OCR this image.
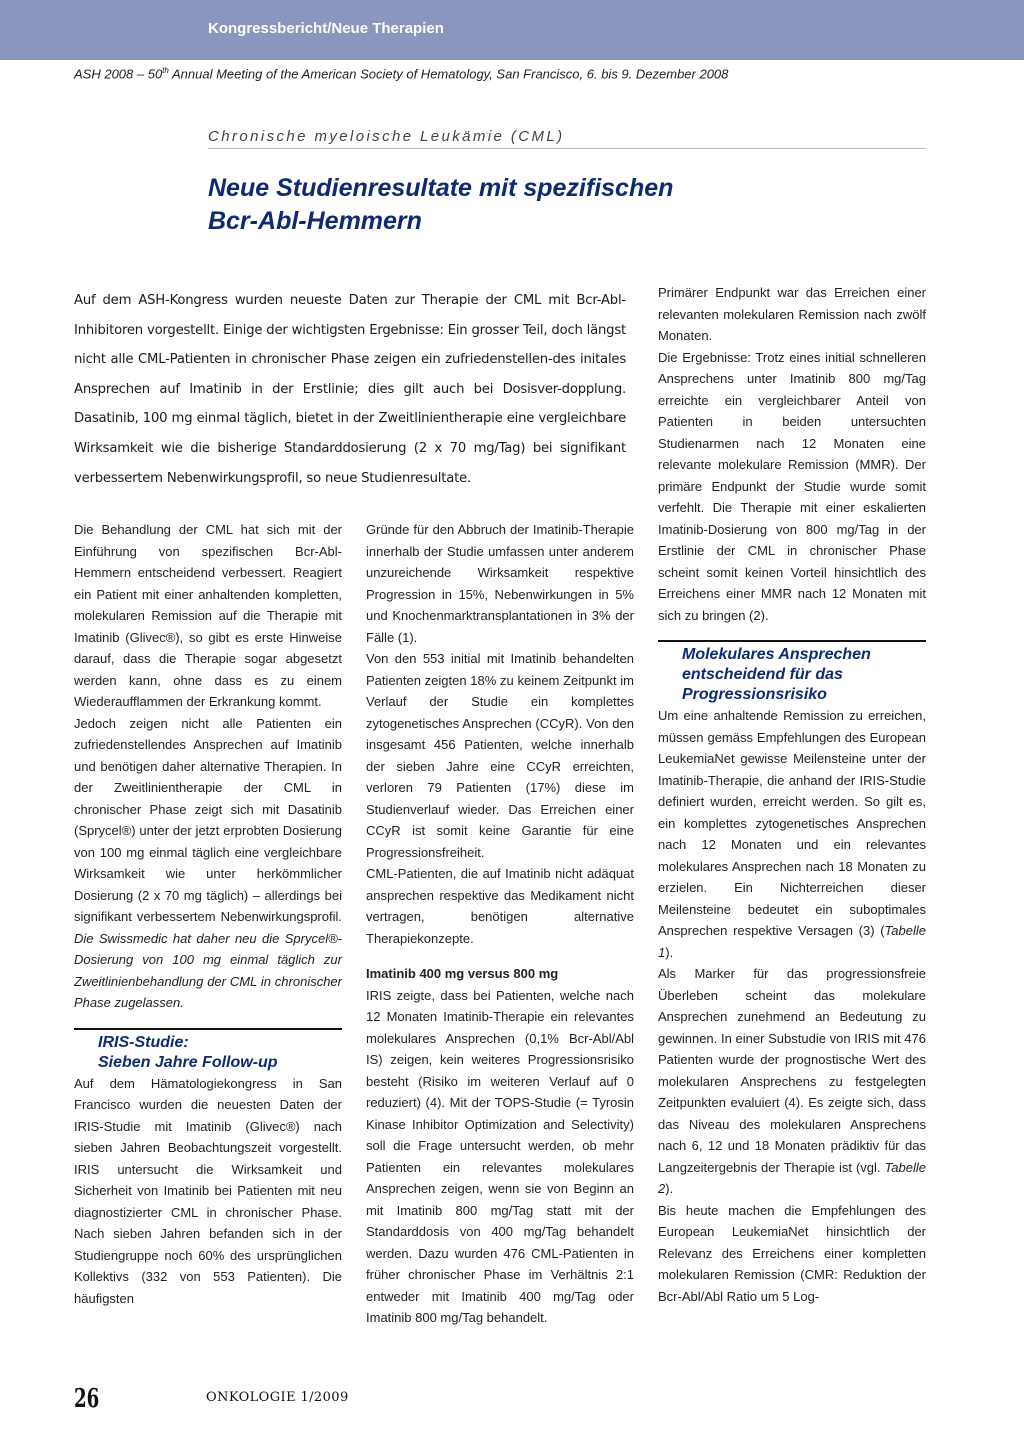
Kongressbericht/Neue Therapien
ASH 2008 – 50th Annual Meeting of the American Society of Hematology, San Francisco, 6. bis 9. Dezember 2008
Chronische myeloische Leukämie (CML)
Neue Studienresultate mit spezifischen
Bcr-Abl-Hemmern

Auf dem ASH-Kongress wurden neueste Daten zur Therapie der CML mit Bcr-Abl-Inhibitoren vorgestellt. Einige der wichtigsten Ergebnisse: Ein grosser Teil, doch längst nicht alle CML-Patienten in chronischer Phase zeigen ein zufriedenstellen-des initales Ansprechen auf Imatinib in der Erstlinie; dies gilt auch bei Dosisver-dopplung. Dasatinib, 100 mg einmal täglich, bietet in der Zweitlinientherapie eine vergleichbare Wirksamkeit wie die bisherige Standarddosierung (2 x 70 mg/Tag) bei signifikant verbessertem Nebenwirkungsprofil, so neue Studienresultate.

Die Behandlung der CML hat sich mit der Einführung von spezifischen Bcr-Abl-Hemmern entscheidend verbessert. Reagiert ein Patient mit einer anhaltenden kompletten, molekularen Remission auf die Therapie mit Imatinib (Glivec®), so gibt es erste Hinweise darauf, dass die Therapie sogar abgesetzt werden kann, ohne dass es zu einem Wiederaufflammen der Erkrankung kommt.

Jedoch zeigen nicht alle Patienten ein zufriedenstellendes Ansprechen auf Imatinib und benötigen daher alternative Therapien. In der Zweitlinientherapie der CML in chronischer Phase zeigt sich mit Dasatinib (Sprycel®) unter der jetzt erprobten Dosierung von 100 mg einmal täglich eine vergleichbare Wirksamkeit wie unter herkömmlicher Dosierung (2 x 70 mg täglich) – allerdings bei signifikant verbessertem Nebenwirkungsprofil. Die Swissmedic hat daher neu die Sprycel®-Dosierung von 100 mg einmal täglich zur Zweitlinienbehandlung der CML in chronischer Phase zugelassen.

IRIS-Studie:
Sieben Jahre Follow-up

Auf dem Hämatologiekongress in San Francisco wurden die neuesten Daten der IRIS-Studie mit Imatinib (Glivec®) nach sieben Jahren Beobachtungszeit vorgestellt. IRIS untersucht die Wirksamkeit und Sicherheit von Imatinib bei Patienten mit neu diagnostizierter CML in chronischer Phase. Nach sieben Jahren befanden sich in der Studiengruppe noch 60% des ursprünglichen Kollektivs (332 von 553 Patienten). Die häufigsten

Gründe für den Abbruch der Imatinib-Therapie innerhalb der Studie umfassen unter anderem unzureichende Wirksamkeit respektive Progression in 15%, Nebenwirkungen in 5% und Knochenmarktransplantationen in 3% der Fälle (1).

Von den 553 initial mit Imatinib behandelten Patienten zeigten 18% zu keinem Zeitpunkt im Verlauf der Studie ein komplettes zytogenetisches Ansprechen (CCyR). Von den insgesamt 456 Patienten, welche innerhalb der sieben Jahre eine CCyR erreichten, verloren 79 Patienten (17%) diese im Studienverlauf wieder. Das Erreichen einer CCyR ist somit keine Garantie für eine Progressionsfreiheit.

CML-Patienten, die auf Imatinib nicht adäquat ansprechen respektive das Medikament nicht vertragen, benötigen alternative Therapiekonzepte.

Imatinib 400 mg versus 800 mg

IRIS zeigte, dass bei Patienten, welche nach 12 Monaten Imatinib-Therapie ein relevantes molekulares Ansprechen (0,1% Bcr-Abl/Abl IS) zeigen, kein weiteres Progressionsrisiko besteht (Risiko im weiteren Verlauf auf 0 reduziert) (4). Mit der TOPS-Studie (= Tyrosin Kinase Inhibitor Optimization and Selectivity) soll die Frage untersucht werden, ob mehr Patienten ein relevantes molekulares Ansprechen zeigen, wenn sie von Beginn an mit Imatinib 800 mg/Tag statt mit der Standarddosis von 400 mg/Tag behandelt werden. Dazu wurden 476 CML-Patienten in früher chronischer Phase im Verhältnis 2:1 entweder mit Imatinib 400 mg/Tag oder Imatinib 800 mg/Tag behandelt.

Primärer Endpunkt war das Erreichen einer relevanten molekularen Remission nach zwölf Monaten.

Die Ergebnisse: Trotz eines initial schnelleren Ansprechens unter Imatinib 800 mg/Tag erreichte ein vergleichbarer Anteil von Patienten in beiden untersuchten Studienarmen nach 12 Monaten eine relevante molekulare Remission (MMR). Der primäre Endpunkt der Studie wurde somit verfehlt. Die Therapie mit einer eskalierten Imatinib-Dosierung von 800 mg/Tag in der Erstlinie der CML in chronischer Phase scheint somit keinen Vorteil hinsichtlich des Erreichens einer MMR nach 12 Monaten mit sich zu bringen (2).

Molekulares Ansprechen entscheidend für das Progressionsrisiko

Um eine anhaltende Remission zu erreichen, müssen gemäss Empfehlungen des European LeukemiaNet gewisse Meilensteine unter der Imatinib-Therapie, die anhand der IRIS-Studie definiert wurden, erreicht werden. So gilt es, ein komplettes zytogenetisches Ansprechen nach 12 Monaten und ein relevantes molekulares Ansprechen nach 18 Monaten zu erzielen. Ein Nichterreichen dieser Meilensteine bedeutet ein suboptimales Ansprechen respektive Versagen (3) (Tabelle 1).

Als Marker für das progressionsfreie Überleben scheint das molekulare Ansprechen zunehmend an Bedeutung zu gewinnen. In einer Substudie von IRIS mit 476 Patienten wurde der prognostische Wert des molekularen Ansprechens zu festgelegten Zeitpunkten evaluiert (4). Es zeigte sich, dass das Niveau des molekularen Ansprechens nach 6, 12 und 18 Monaten prädiktiv für das Langzeitergebnis der Therapie ist (vgl. Tabelle 2).

Bis heute machen die Empfehlungen des European LeukemiaNet hinsichtlich der Relevanz des Erreichens einer kompletten molekularen Remission (CMR: Reduktion der Bcr-Abl/Abl Ratio um 5 Log-

26	ONKOLOGIE 1/2009
